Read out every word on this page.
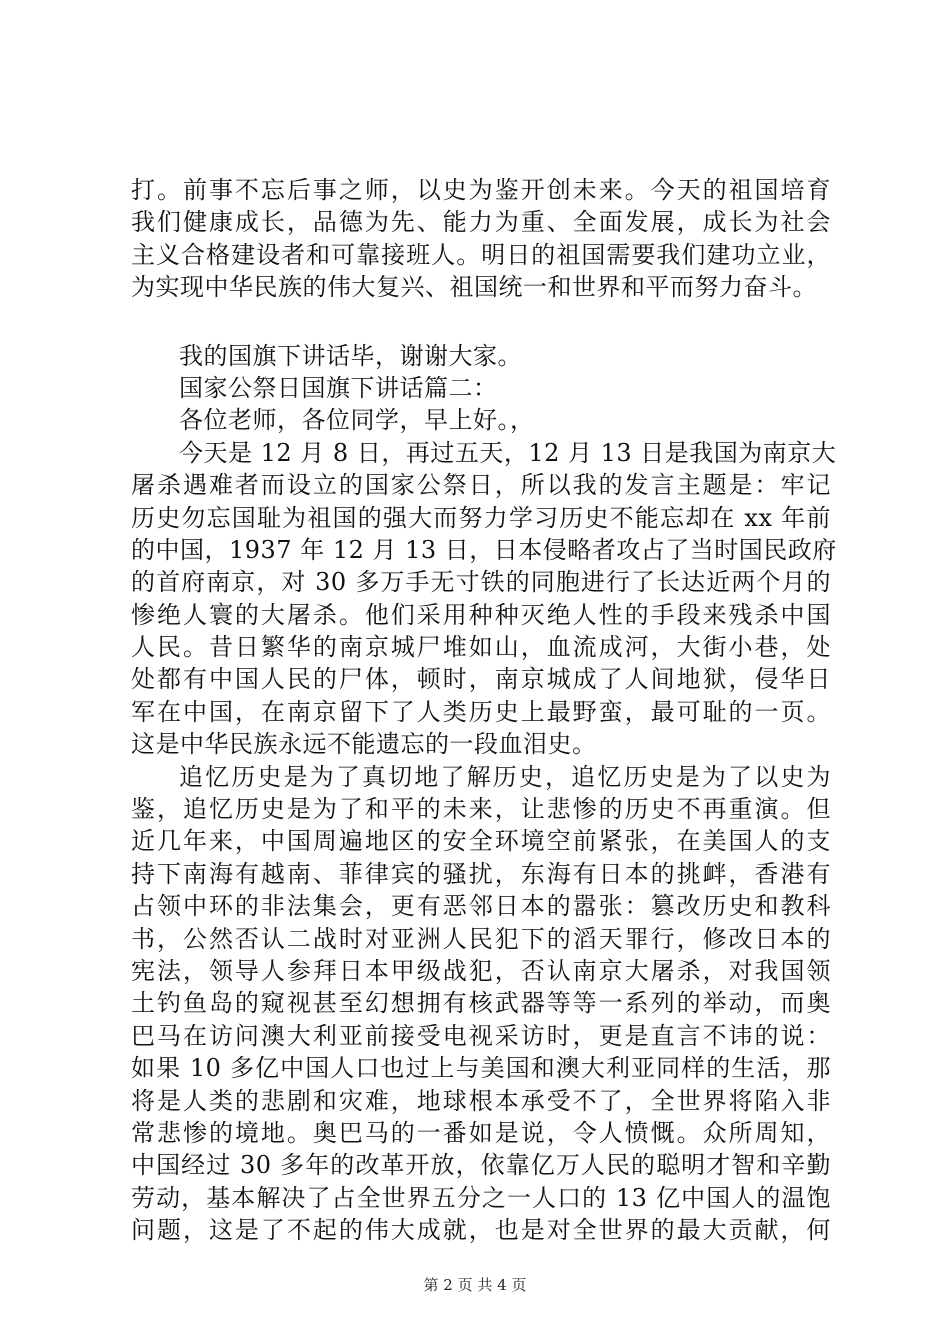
打。前事不忘后事之师，以史为鉴开创未来。今天的祖国培育
我们健康成长，品德为先、能力为重、全面发展，成长为社会
主义合格建设者和可靠接班人。明日的祖国需要我们建功立业，
为实现中华民族的伟大复兴、祖国统一和世界和平而努力奋斗。
我的国旗下讲话毕，谢谢大家。
国家公祭日国旗下讲话篇二：
各位老师，各位同学，早上好。，
今天是 12 月 8 日，再过五天，12 月 13 日是我国为南京大
屠杀遇难者而设立的国家公祭日，所以我的发言主题是：牢记
历史勿忘国耻为祖国的强大而努力学习历史不能忘却在 xx 年前
的中国，1937 年 12 月 13 日，日本侵略者攻占了当时国民政府
的首府南京，对 30 多万手无寸铁的同胞进行了长达近两个月的
惨绝人寰的大屠杀。他们采用种种灭绝人性的手段来残杀中国
人民。昔日繁华的南京城尸堆如山，血流成河，大街小巷，处
处都有中国人民的尸体，顿时，南京城成了人间地狱，侵华日
军在中国，在南京留下了人类历史上最野蛮，最可耻的一页。
这是中华民族永远不能遗忘的一段血泪史。
追忆历史是为了真切地了解历史，追忆历史是为了以史为
鉴，追忆历史是为了和平的未来，让悲惨的历史不再重演。但
近几年来，中国周遍地区的安全环境空前紧张，在美国人的支
持下南海有越南、菲律宾的骚扰，东海有日本的挑衅，香港有
占领中环的非法集会，更有恶邻日本的嚣张：篡改历史和教科
书，公然否认二战时对亚洲人民犯下的滔天罪行，修改日本的
宪法，领导人参拜日本甲级战犯，否认南京大屠杀，对我国领
土钓鱼岛的窥视甚至幻想拥有核武器等等一系列的举动，而奥
巴马在访问澳大利亚前接受电视采访时，更是直言不讳的说：
如果 10 多亿中国人口也过上与美国和澳大利亚同样的生活，那
将是人类的悲剧和灾难，地球根本承受不了，全世界将陷入非
常悲惨的境地。奥巴马的一番如是说，令人愤慨。众所周知，
中国经过 30 多年的改革开放，依靠亿万人民的聪明才智和辛勤
劳动，基本解决了占全世界五分之一人口的 13 亿中国人的温饱
问题，这是了不起的伟大成就，也是对全世界的最大贡献，何
第 2 页 共 4 页
